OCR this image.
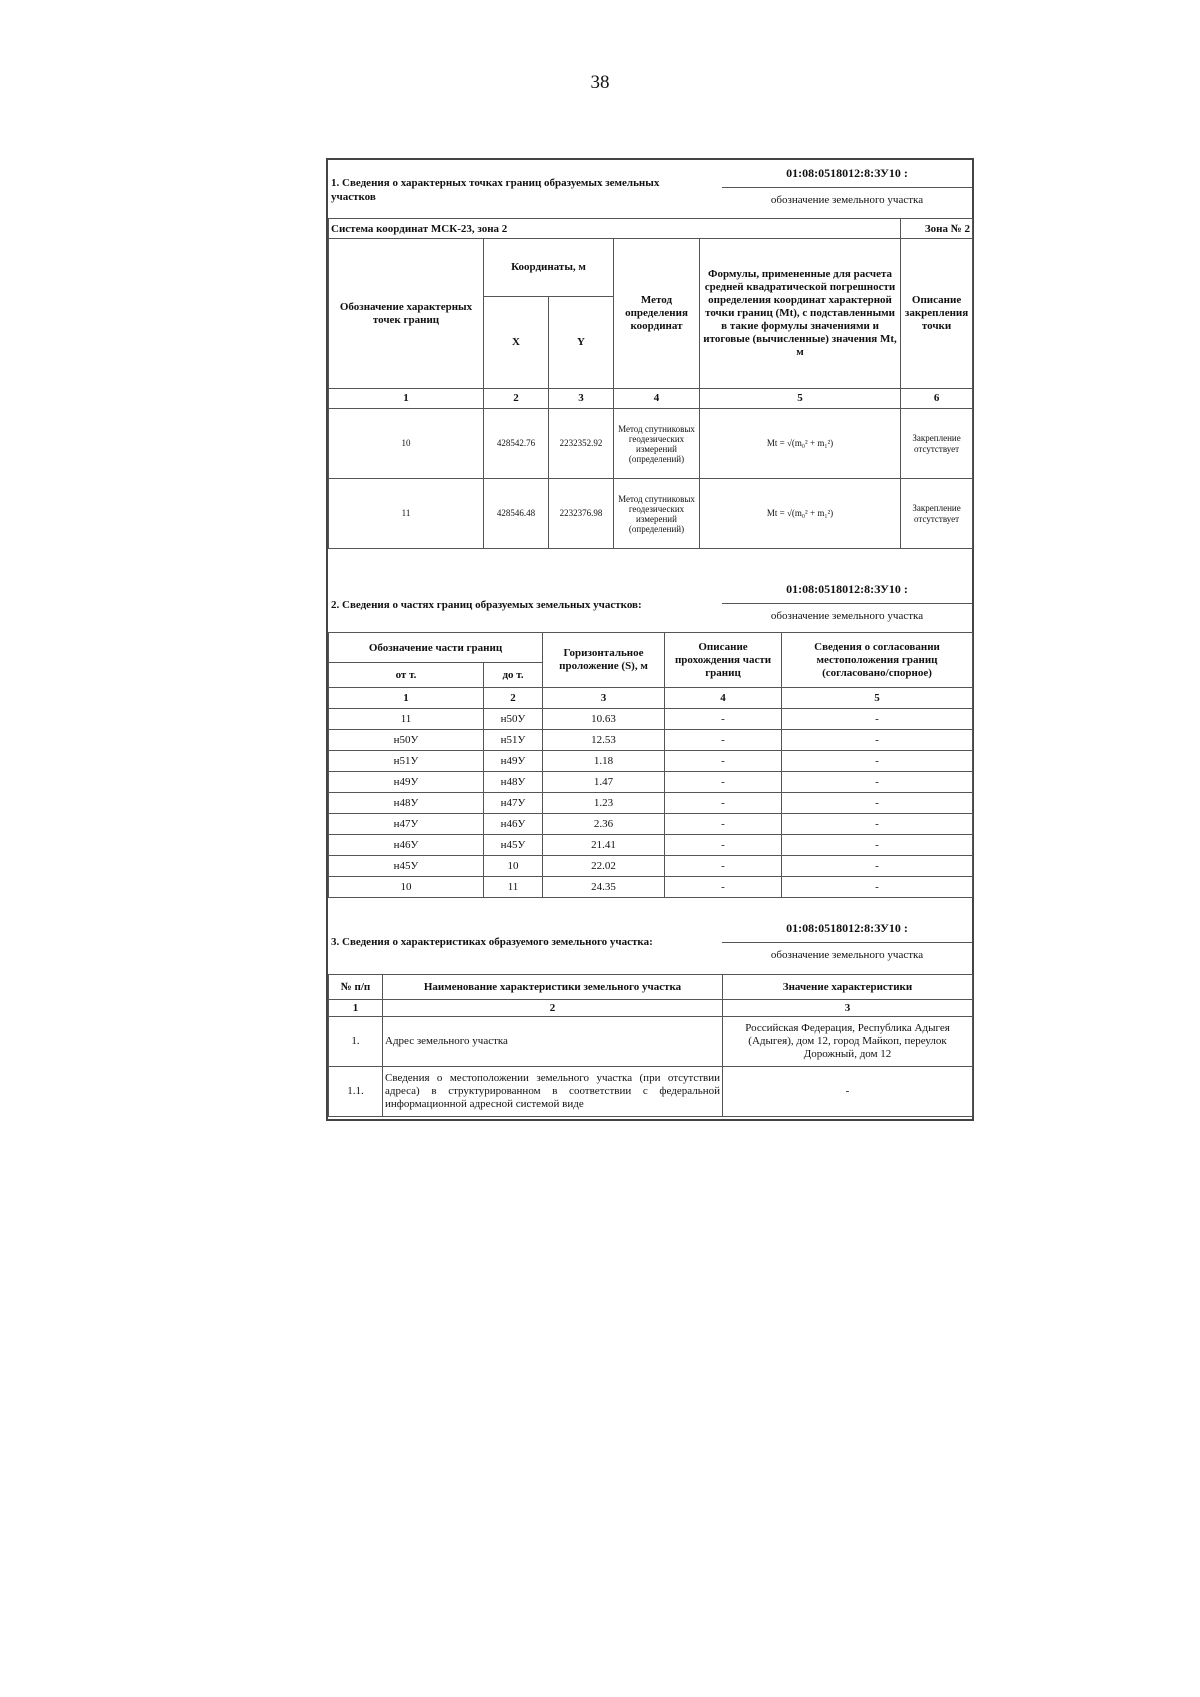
38
1. Сведения о характерных точках границ образуемых земельных участков
01:08:0518012:8:ЗУ10 :
обозначение земельного участка
Система координат МСК-23, зона 2					Зона № 2
Обозначение характерных точек границ	Координаты, м		Метод определения координат	Формулы, примененные для расчета средней квадратической погрешности определения координат характерной точки границ (Mt), с подставленными в такие формулы значениями и итоговые (вычисленные) значения Mt, м	Описание закрепления точки
	X	Y			
1	2	3	4	5	6
10	428542.76	2232352.92	Метод спутниковых геодезических измерений (определений)	Mt = √(m₀² + m₁²)	Закрепление отсутствует
11	428546.48	2232376.98	Метод спутниковых геодезических измерений (определений)	Mt = √(m₀² + m₁²)	Закрепление отсутствует
2. Сведения о частях границ образуемых земельных участков:
01:08:0518012:8:ЗУ10 :
обозначение земельного участка
Обозначение части границ		Горизонтальное проложение (S), м	Описание прохождения части границ	Сведения о согласовании местоположения границ (согласовано/спорное)
от т.	до т.			
1	2	3	4	5
11	н50У	10.63	-	-
н50У	н51У	12.53	-	-
н51У	н49У	1.18	-	-
н49У	н48У	1.47	-	-
н48У	н47У	1.23	-	-
н47У	н46У	2.36	-	-
н46У	н45У	21.41	-	-
н45У	10	22.02	-	-
10	11	24.35	-	-
3. Сведения о характеристиках образуемого земельного участка:
01:08:0518012:8:ЗУ10 :
обозначение земельного участка
№ п/п	Наименование характеристики земельного участка	Значение характеристики
1	2	3
1.	Адрес земельного участка	Российская Федерация, Республика Адыгея (Адыгея), дом 12, город Майкоп, переулок Дорожный, дом 12
1.1.	Сведения о местоположении земельного участка (при отсутствии адреса) в структурированном в соответствии с федеральной информационной адресной системой виде	-
